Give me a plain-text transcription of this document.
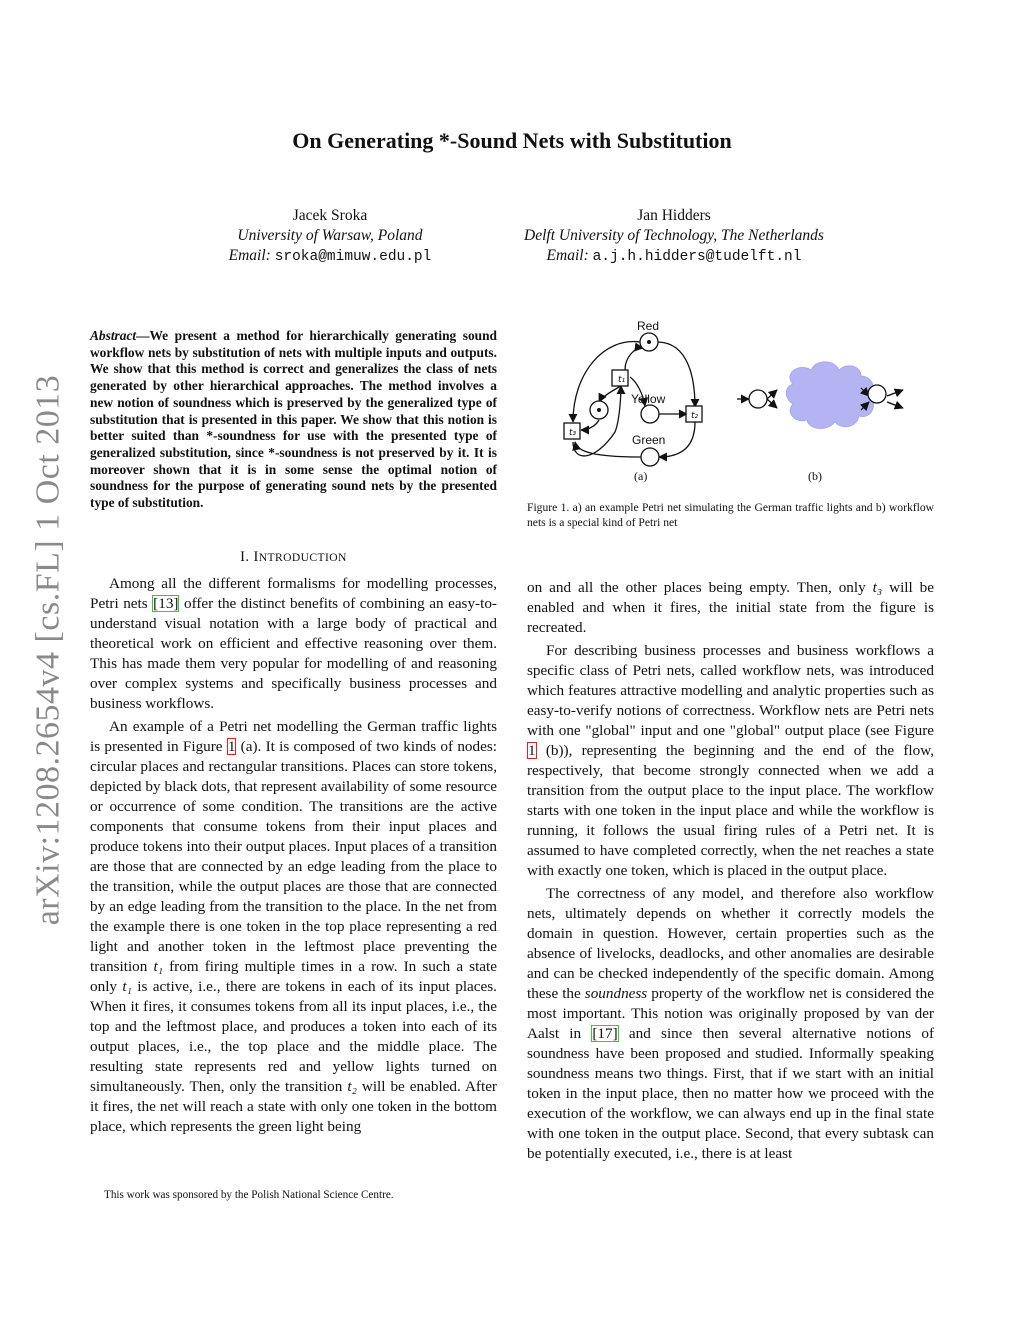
arXiv:1208.2654v4 [cs.FL] 1 Oct 2013
On Generating *-Sound Nets with Substitution
Jacek Sroka
University of Warsaw, Poland
Email: sroka@mimuw.edu.pl
Jan Hidders
Delft University of Technology, The Netherlands
Email: a.j.h.hidders@tudelft.nl
Abstract—We present a method for hierarchically generating sound workflow nets by substitution of nets with multiple inputs and outputs. We show that this method is correct and generalizes the class of nets generated by other hierarchical approaches. The method involves a new notion of soundness which is preserved by the generalized type of substitution that is presented in this paper. We show that this notion is better suited than *-soundness for use with the presented type of generalized substitution, since *-soundness is not preserved by it. It is moreover shown that it is in some sense the optimal notion of soundness for the purpose of generating sound nets by the presented type of substitution.
I. INTRODUCTION

Among all the different formalisms for modelling processes, Petri nets [13] offer the distinct benefits of combining an easy-to-understand visual notation with a large body of practical and theoretical work on efficient and effective reasoning over them. This has made them very popular for modelling of and reasoning over complex systems and specifically business processes and business workflows.

An example of a Petri net modelling the German traffic lights is presented in Figure 1 (a). It is composed of two kinds of nodes: circular places and rectangular transitions. Places can store tokens, depicted by black dots, that represent availability of some resource or occurrence of some condition. The transitions are the active components that consume tokens from their input places and produce tokens into their output places. Input places of a transition are those that are connected by an edge leading from the place to the transition, while the output places are those that are connected by an edge leading from the transition to the place. In the net from the example there is one token in the top place representing a red light and another token in the leftmost place preventing the transition t₁ from firing multiple times in a row. In such a state only t₁ is active, i.e., there are tokens in each of its input places. When it fires, it consumes tokens from all its input places, i.e., the top and the leftmost place, and produces a token into each of its output places, i.e., the top place and the middle place. The resulting state represents red and yellow lights turned on simultaneously. Then, only the transition t₂ will be enabled. After it fires, the net will reach a state with only one token in the bottom place, which represents the green light being

This work was sponsored by the Polish National Science Centre.
t₁
t₂
t₃
Red
Yellow
Green
(a)	(b)
Figure 1. a) an example Petri net simulating the German traffic lights and b) workflow nets is a special kind of Petri net

on and all the other places being empty. Then, only t₃ will be enabled and when it fires, the initial state from the figure is recreated.

For describing business processes and business workflows a specific class of Petri nets, called workflow nets, was introduced which features attractive modelling and analytic properties such as easy-to-verify notions of correctness. Workflow nets are Petri nets with one "global" input and one "global" output place (see Figure 1 (b)), representing the beginning and the end of the flow, respectively, that become strongly connected when we add a transition from the output place to the input place. The workflow starts with one token in the input place and while the workflow is running, it follows the usual firing rules of a Petri net. It is assumed to have completed correctly, when the net reaches a state with exactly one token, which is placed in the output place.

The correctness of any model, and therefore also workflow nets, ultimately depends on whether it correctly models the domain in question. However, certain properties such as the absence of livelocks, deadlocks, and other anomalies are desirable and can be checked independently of the specific domain. Among these the soundness property of the workflow net is considered the most important. This notion was originally proposed by van der Aalst in [17] and since then several alternative notions of soundness have been proposed and studied. Informally speaking soundness means two things. First, that if we start with an initial token in the input place, then no matter how we proceed with the execution of the workflow, we can always end up in the final state with one token in the output place. Second, that every subtask can be potentially executed, i.e., there is at least
